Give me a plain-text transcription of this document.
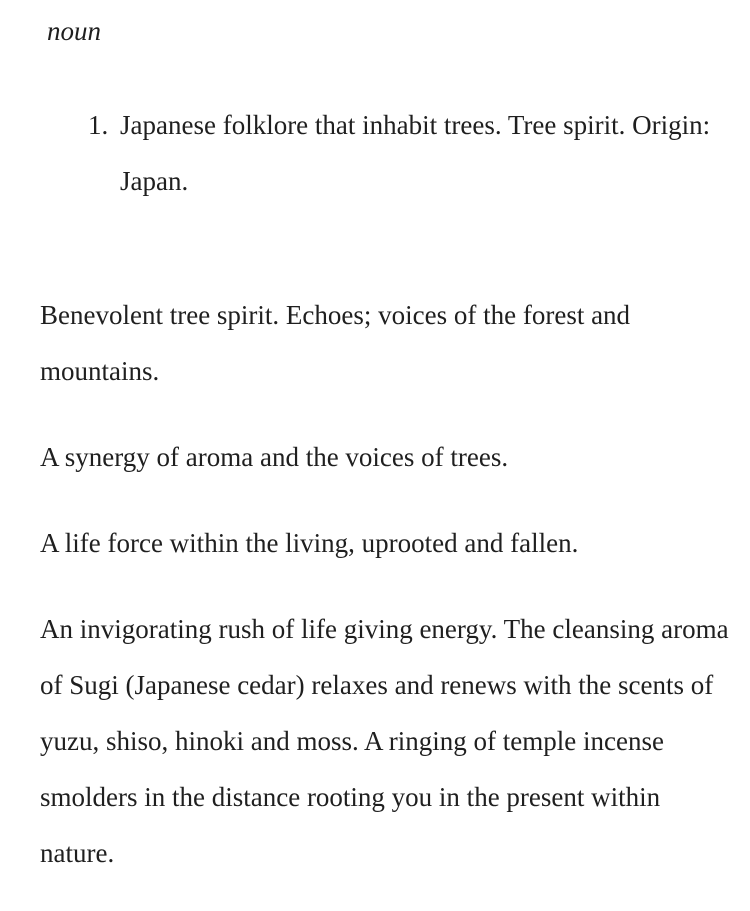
noun

1. Japanese folklore that inhabit trees. Tree spirit. Origin: Japan.

Benevolent tree spirit. Echoes; voices of the forest and mountains.

A synergy of aroma and the voices of trees.

A life force within the living, uprooted and fallen.

An invigorating rush of life giving energy. The cleansing aroma of Sugi (Japanese cedar) relaxes and renews with the scents of yuzu, shiso, hinoki and moss. A ringing of temple incense smolders in the distance rooting you in the present within nature.
